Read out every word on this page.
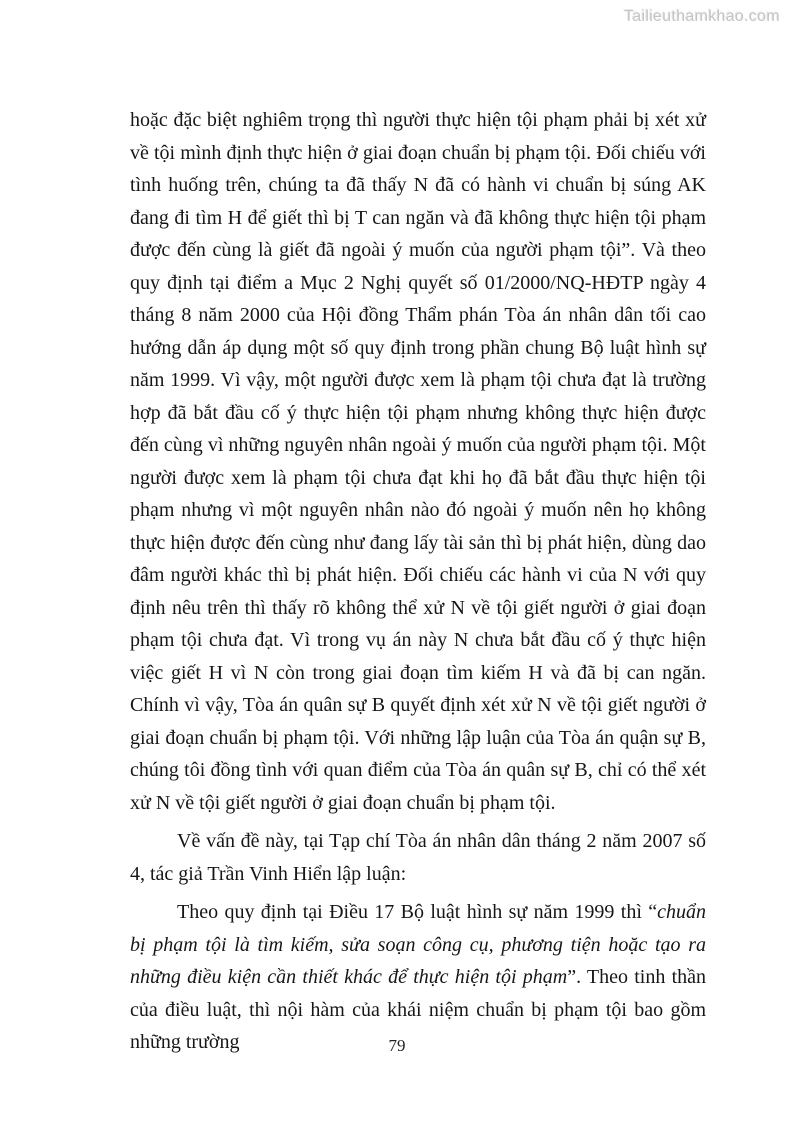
Tailieuthamkhao.com

hoặc đặc biệt nghiêm trọng thì người thực hiện tội phạm phải bị xét xử về tội mình định thực hiện ở giai đoạn chuẩn bị phạm tội. Đối chiếu với tình huống trên, chúng ta đã thấy N đã có hành vi chuẩn bị súng AK đang đi tìm H để giết thì bị T can ngăn và đã không thực hiện tội phạm được đến cùng là giết đã ngoài ý muốn của người phạm tội”. Và theo quy định tại điểm a Mục 2 Nghị quyết số 01/2000/NQ-HĐTP ngày 4 tháng 8 năm 2000 của Hội đồng Thẩm phán Tòa án nhân dân tối cao hướng dẫn áp dụng một số quy định trong phần chung Bộ luật hình sự năm 1999. Vì vậy, một người được xem là phạm tội chưa đạt là trường hợp đã bắt đầu cố ý thực hiện tội phạm nhưng không thực hiện được đến cùng vì những nguyên nhân ngoài ý muốn của người phạm tội. Một người được xem là phạm tội chưa đạt khi họ đã bắt đầu thực hiện tội phạm nhưng vì một nguyên nhân nào đó ngoài ý muốn nên họ không thực hiện được đến cùng như đang lấy tài sản thì bị phát hiện, dùng dao đâm người khác thì bị phát hiện. Đối chiếu các hành vi của N với quy định nêu trên thì thấy rõ không thể xử N về tội giết người ở giai đoạn phạm tội chưa đạt. Vì trong vụ án này N chưa bắt đầu cố ý thực hiện việc giết H vì N còn trong giai đoạn tìm kiếm H và đã bị can ngăn. Chính vì vậy, Tòa án quân sự B quyết định xét xử N về tội giết người ở giai đoạn chuẩn bị phạm tội. Với những lập luận của Tòa án quận sự B, chúng tôi đồng tình với quan điểm của Tòa án quân sự B, chỉ có thể xét xử N về tội giết người ở giai đoạn chuẩn bị phạm tội.

Về vấn đề này, tại Tạp chí Tòa án nhân dân tháng 2 năm 2007 số 4, tác giả Trần Vinh Hiển lập luận:

Theo quy định tại Điều 17 Bộ luật hình sự năm 1999 thì “chuẩn bị phạm tội là tìm kiếm, sửa soạn công cụ, phương tiện hoặc tạo ra những điều kiện cần thiết khác để thực hiện tội phạm”. Theo tinh thần của điều luật, thì nội hàm của khái niệm chuẩn bị phạm tội bao gồm những trường	79
